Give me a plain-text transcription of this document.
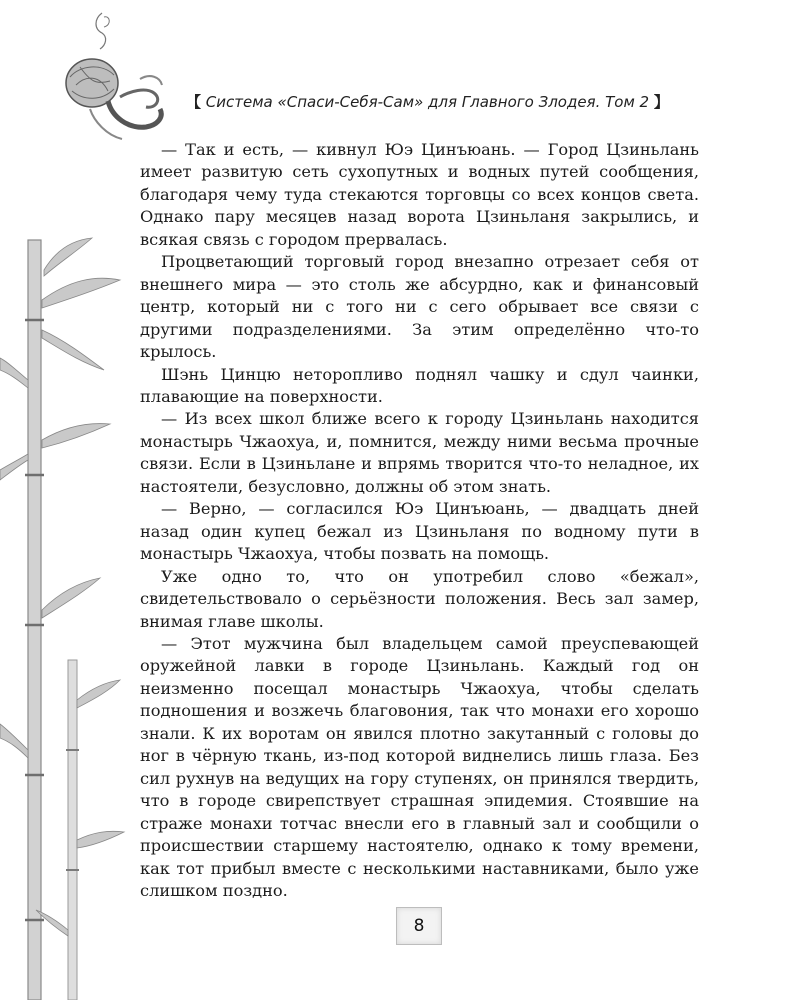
【 Система «Спаси-Себя-Сам» для Главного Злодея. Том 2 】

— Так и есть, — кивнул Юэ Цинъюань. — Город Цзиньлань имеет развитую сеть сухопутных и водных путей сообщения, благодаря чему туда стекаются торговцы со всех концов света. Однако пару месяцев назад ворота Цзиньланя закрылись, и всякая связь с городом прервалась.

Процветающий торговый город внезапно отрезает себя от внешнего мира — это столь же абсурдно, как и финансовый центр, который ни с того ни с сего обрывает все связи с другими подразделениями. За этим определённо что-то крылось.

Шэнь Цинцю неторопливо поднял чашку и сдул чаинки, плавающие на поверхности.

— Из всех школ ближе всего к городу Цзиньлань находится монастырь Чжаохуа, и, помнится, между ними весьма прочные связи. Если в Цзиньлане и впрямь творится что-то неладное, их настоятели, безусловно, должны об этом знать.

— Верно, — согласился Юэ Цинъюань, — двадцать дней назад один купец бежал из Цзиньланя по водному пути в монастырь Чжаохуа, чтобы позвать на помощь.

Уже одно то, что он употребил слово «бежал», свидетельствовало о серьёзности положения. Весь зал замер, внимая главе школы.

— Этот мужчина был владельцем самой преуспевающей оружейной лавки в городе Цзиньлань. Каждый год он неизменно посещал монастырь Чжаохуа, чтобы сделать подношения и возжечь благовония, так что монахи его хорошо знали. К их воротам он явился плотно закутанный с головы до ног в чёрную ткань, из-под которой виднелись лишь глаза. Без сил рухнув на ведущих на гору ступенях, он принялся твердить, что в городе свирепствует страшная эпидемия. Стоявшие на страже монахи тотчас внесли его в главный зал и сообщили о происшествии старшему настоятелю, однако к тому времени, как тот прибыл вместе с несколькими наставниками, было уже слишком поздно.

8
